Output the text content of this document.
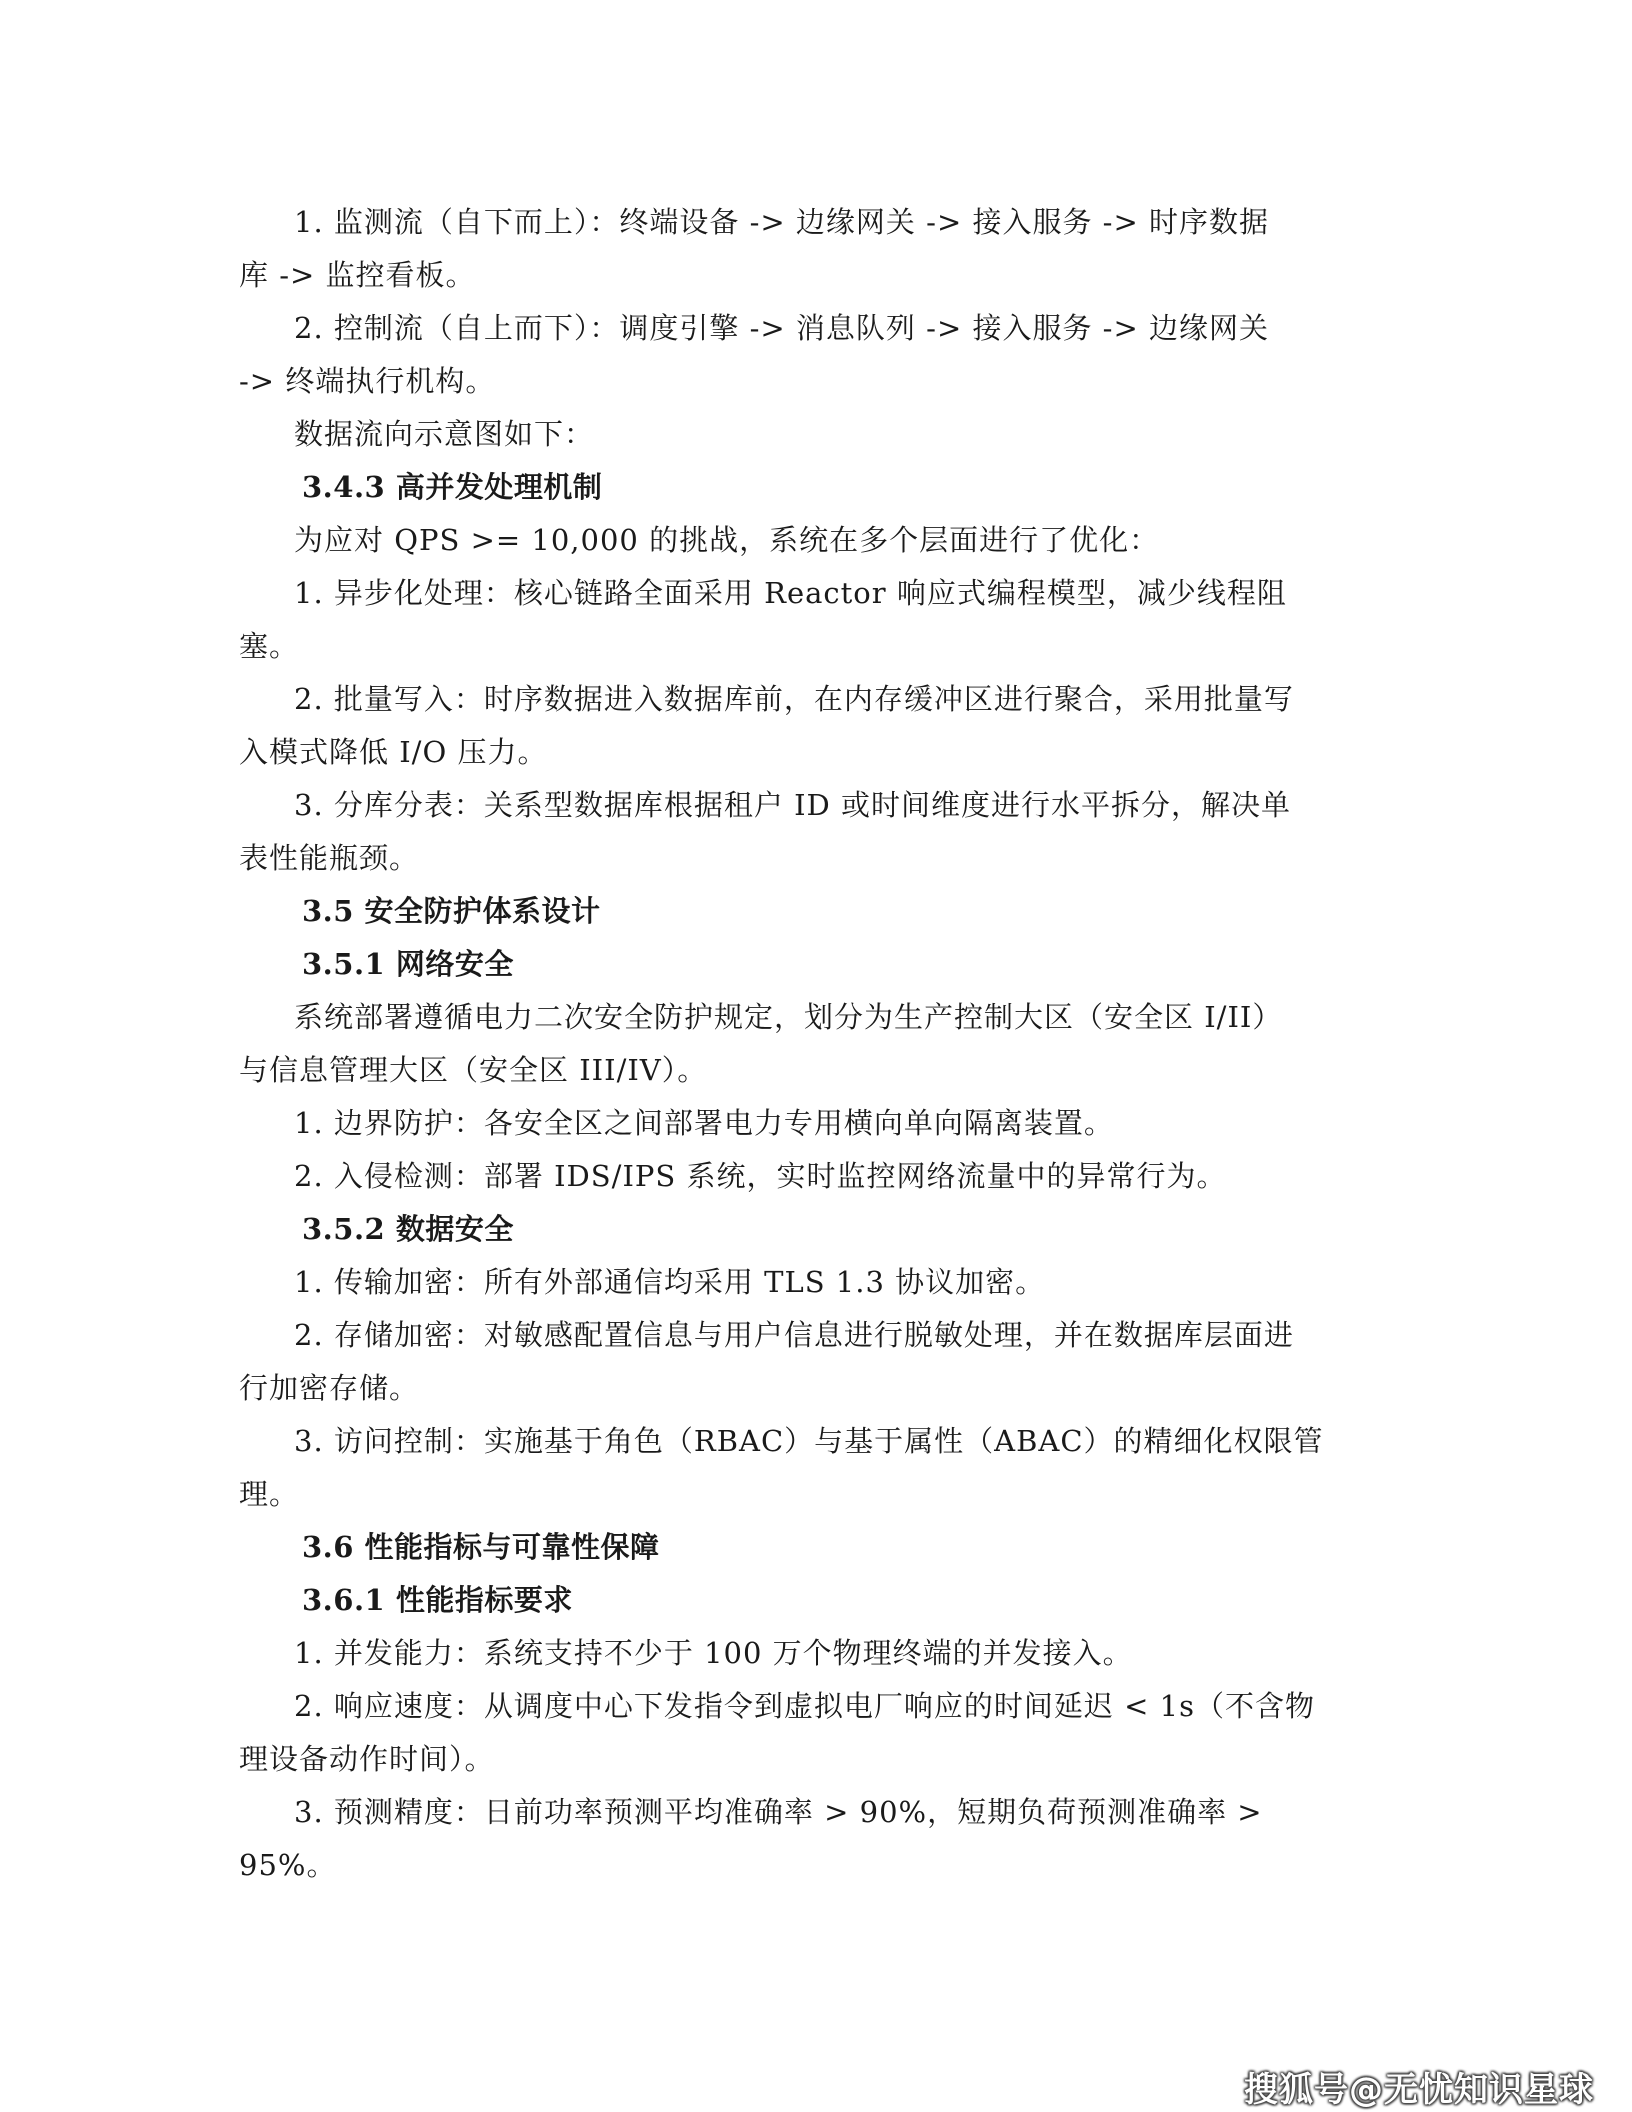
1. 监测流（自下而上）：终端设备 -> 边缘网关 -> 接入服务 -> 时序数据
库 -> 监控看板。
2. 控制流（自上而下）：调度引擎 -> 消息队列 -> 接入服务 -> 边缘网关
-> 终端执行机构。
数据流向示意图如下：
3.4.3 高并发处理机制
为应对 QPS >= 10,000 的挑战，系统在多个层面进行了优化：
1. 异步化处理：核心链路全面采用 Reactor 响应式编程模型，减少线程阻
塞。
2. 批量写入：时序数据进入数据库前，在内存缓冲区进行聚合，采用批量写
入模式降低 I/O 压力。
3. 分库分表：关系型数据库根据租户 ID 或时间维度进行水平拆分，解决单
表性能瓶颈。
3.5 安全防护体系设计
3.5.1 网络安全
系统部署遵循电力二次安全防护规定，划分为生产控制大区（安全区 I/II）
与信息管理大区（安全区 III/IV）。
1. 边界防护：各安全区之间部署电力专用横向单向隔离装置。
2. 入侵检测：部署 IDS/IPS 系统，实时监控网络流量中的异常行为。
3.5.2 数据安全
1. 传输加密：所有外部通信均采用 TLS 1.3 协议加密。
2. 存储加密：对敏感配置信息与用户信息进行脱敏处理，并在数据库层面进
行加密存储。
3. 访问控制：实施基于角色（RBAC）与基于属性（ABAC）的精细化权限管
理。
3.6 性能指标与可靠性保障
3.6.1 性能指标要求
1. 并发能力：系统支持不少于 100 万个物理终端的并发接入。
2. 响应速度：从调度中心下发指令到虚拟电厂响应的时间延迟 < 1s（不含物
理设备动作时间）。
3. 预测精度：日前功率预测平均准确率 > 90%，短期负荷预测准确率 >
95%。
搜狐号@无忧知识星球
